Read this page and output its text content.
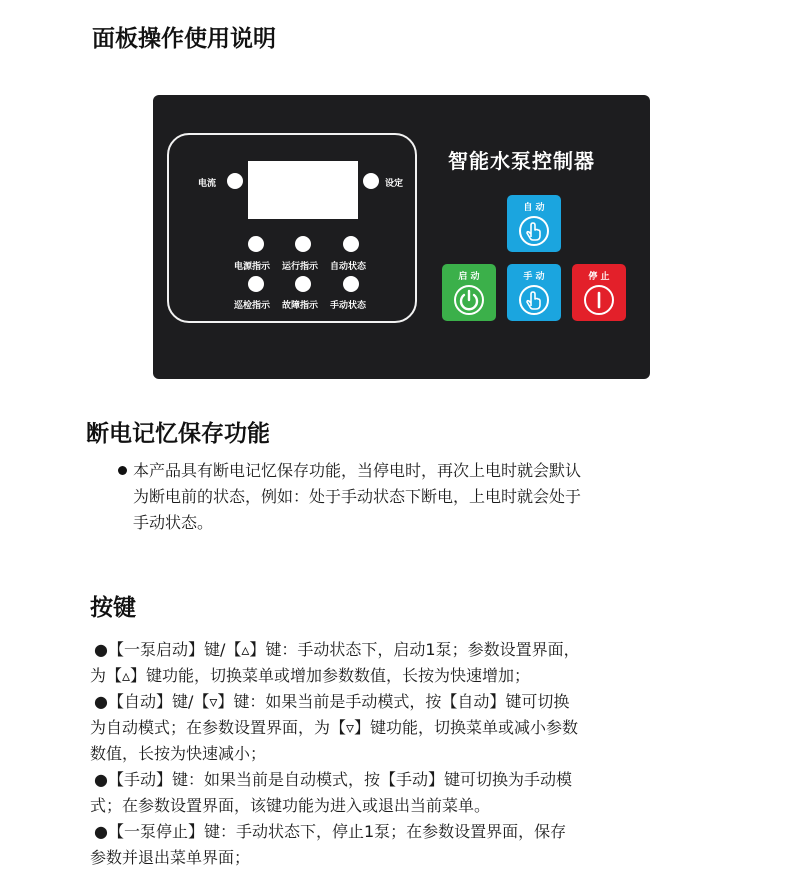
面板操作使用说明
电流	设定
电源指示 运行指示 自动状态
巡检指示 故障指示 手动状态
智能水泵控制器
自 动
启 动	手 动	停 止
断电记忆保存功能
本产品具有断电记忆保存功能，当停电时，再次上电时就会默认
为断电前的状态，例如：处于手动状态下断电，上电时就会处于
手动状态。
按键
●【一泵启动】键/【▵】键：手动状态下，启动1泵；参数设置界面，
为【▵】键功能，切换菜单或增加参数数值，长按为快速增加；
●【自动】键/【▿】键：如果当前是手动模式，按【自动】键可切换
为自动模式；在参数设置界面，为【▿】键功能，切换菜单或减小参数
数值，长按为快速减小；
●【手动】键：如果当前是自动模式，按【手动】键可切换为手动模
式；在参数设置界面，该键功能为进入或退出当前菜单。
●【一泵停止】键：手动状态下，停止1泵；在参数设置界面，保存
参数并退出菜单界面；
